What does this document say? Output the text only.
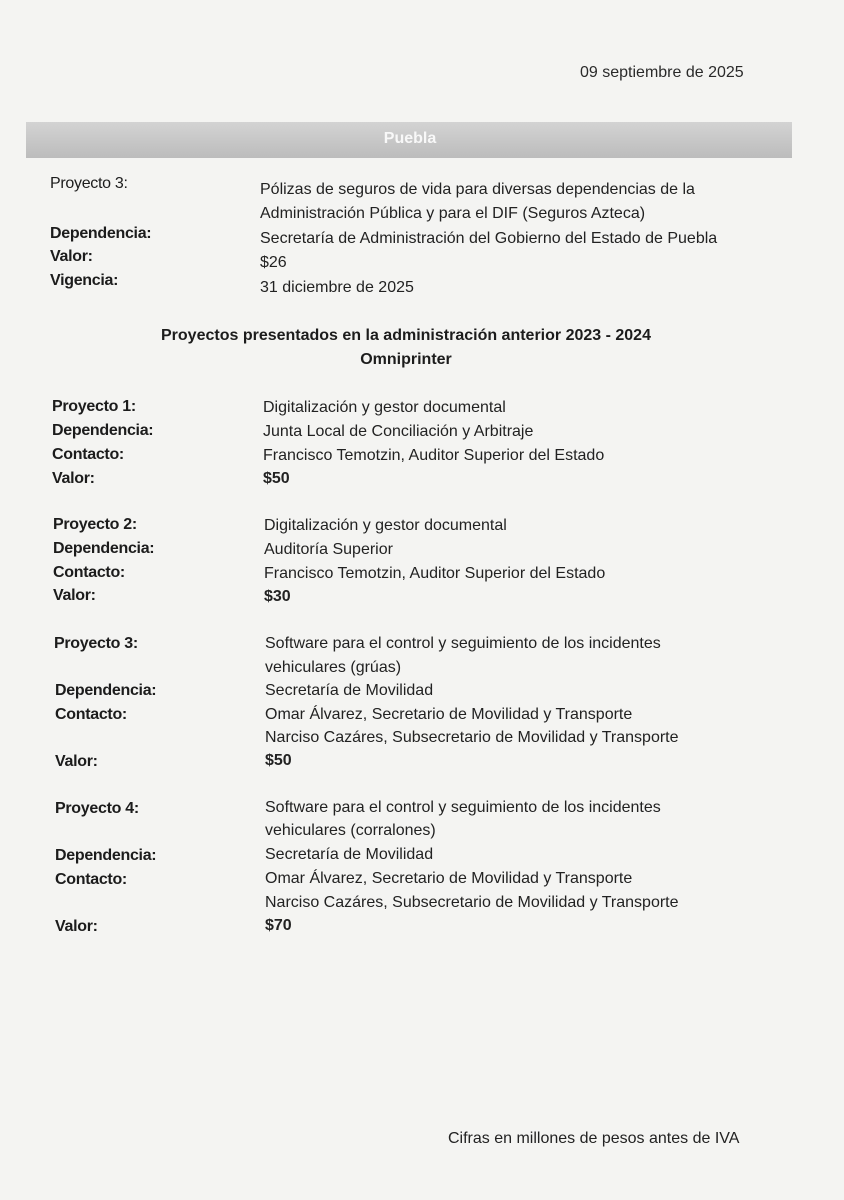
09 septiembre de 2025
Puebla
Proyecto 3:	Pólizas de seguros de vida para diversas dependencias de la
Administración Pública y para el DIF (Seguros Azteca)
Dependencia:	Secretaría de Administración del Gobierno del Estado de Puebla
Valor:	$26
Vigencia:	31 diciembre de 2025
Proyectos presentados en la administración anterior 2023 - 2024
Omniprinter
Proyecto 1:	Digitalización y gestor documental
Dependencia:	Junta Local de Conciliación y Arbitraje
Contacto:	Francisco Temotzin, Auditor Superior del Estado
Valor:	$50
Proyecto 2:	Digitalización y gestor documental
Dependencia:	Auditoría Superior
Contacto:	Francisco Temotzin, Auditor Superior del Estado
Valor:	$30
Proyecto 3:	Software para el control y seguimiento de los incidentes
vehiculares (grúas)
Dependencia:	Secretaría de Movilidad
Contacto:	Omar Álvarez, Secretario de Movilidad y Transporte
Narciso Cazáres, Subsecretario de Movilidad y Transporte
Valor:	$50
Proyecto 4:	Software para el control y seguimiento de los incidentes
vehiculares (corralones)
Dependencia:	Secretaría de Movilidad
Contacto:	Omar Álvarez, Secretario de Movilidad y Transporte
Narciso Cazáres, Subsecretario de Movilidad y Transporte
Valor:	$70
Cifras en millones de pesos antes de IVA
